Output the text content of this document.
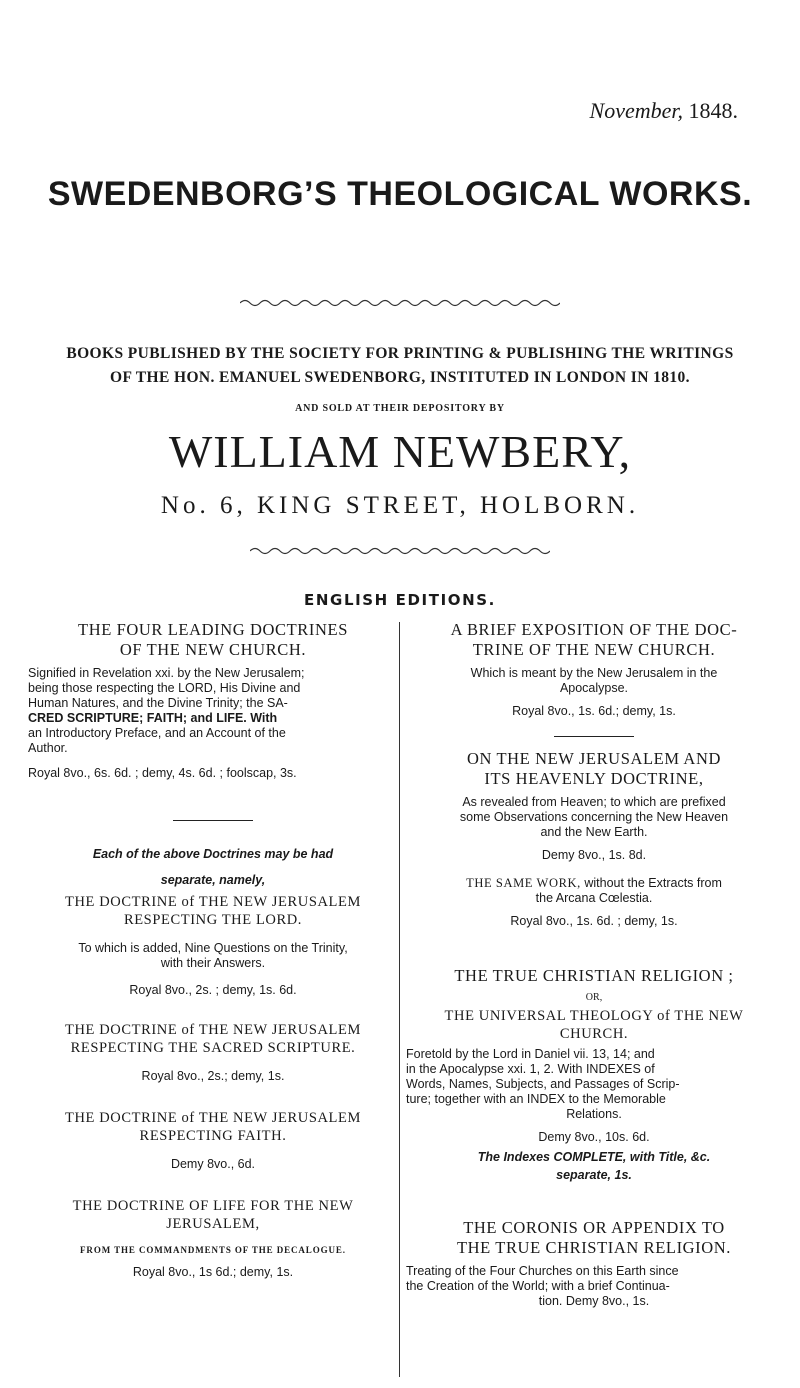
November, 1848.
SWEDENBORG’S THEOLOGICAL WORKS.
BOOKS PUBLISHED BY THE SOCIETY FOR PRINTING & PUBLISHING THE WRITINGS
OF THE HON. EMANUEL SWEDENBORG, INSTITUTED IN LONDON IN 1810.
AND SOLD AT THEIR DEPOSITORY BY
WILLIAM NEWBERY,
No. 6, KING STREET, HOLBORN.
ENGLISH EDITIONS.

THE FOUR LEADING DOCTRINES

OF THE NEW CHURCH.

Signified in Revelation xxi. by the New Jerusalem;

being those respecting the LORD, His Divine and

Human Natures, and the Divine Trinity; the SA-

CRED SCRIPTURE; FAITH; and LIFE. With

an Introductory Preface, and an Account of the

Author.

Royal 8vo., 6s. 6d. ; demy, 4s. 6d. ; foolscap, 3s.

Each of the above Doctrines may be had

separate, namely,

THE DOCTRINE of THE NEW JERUSALEM

RESPECTING THE LORD.

To which is added, Nine Questions on the Trinity,

with their Answers.

Royal 8vo., 2s. ; demy, 1s. 6d.

THE DOCTRINE of THE NEW JERUSALEM

RESPECTING THE SACRED SCRIPTURE.

Royal 8vo., 2s.; demy, 1s.

THE DOCTRINE of THE NEW JERUSALEM

RESPECTING FAITH.

Demy 8vo., 6d.

THE DOCTRINE OF LIFE FOR THE NEW

JERUSALEM,

FROM THE COMMANDMENTS OF THE DECALOGUE.

Royal 8vo., 1s 6d.; demy, 1s.

A BRIEF EXPOSITION OF THE DOC-

TRINE OF THE NEW CHURCH.

Which is meant by the New Jerusalem in the

Apocalypse.

Royal 8vo., 1s. 6d.; demy, 1s.

ON THE NEW JERUSALEM AND

ITS HEAVENLY DOCTRINE,

As revealed from Heaven; to which are prefixed

some Observations concerning the New Heaven

and the New Earth.

Demy 8vo., 1s. 8d.

THE SAME WORK, without the Extracts from

the Arcana Cœlestia.

Royal 8vo., 1s. 6d. ; demy, 1s.

THE TRUE CHRISTIAN RELIGION ;

OR,

THE UNIVERSAL THEOLOGY of THE NEW

CHURCH.

Foretold by the Lord in Daniel vii. 13, 14; and

in the Apocalypse xxi. 1, 2. With INDEXES of

Words, Names, Subjects, and Passages of Scrip-

ture; together with an INDEX to the Memorable

Relations.

Demy 8vo., 10s. 6d.

The Indexes COMPLETE, with Title, &c.

separate, 1s.

THE CORONIS OR APPENDIX TO

THE TRUE CHRISTIAN RELIGION.

Treating of the Four Churches on this Earth since

the Creation of the World; with a brief Continua-

tion. Demy 8vo., 1s.
